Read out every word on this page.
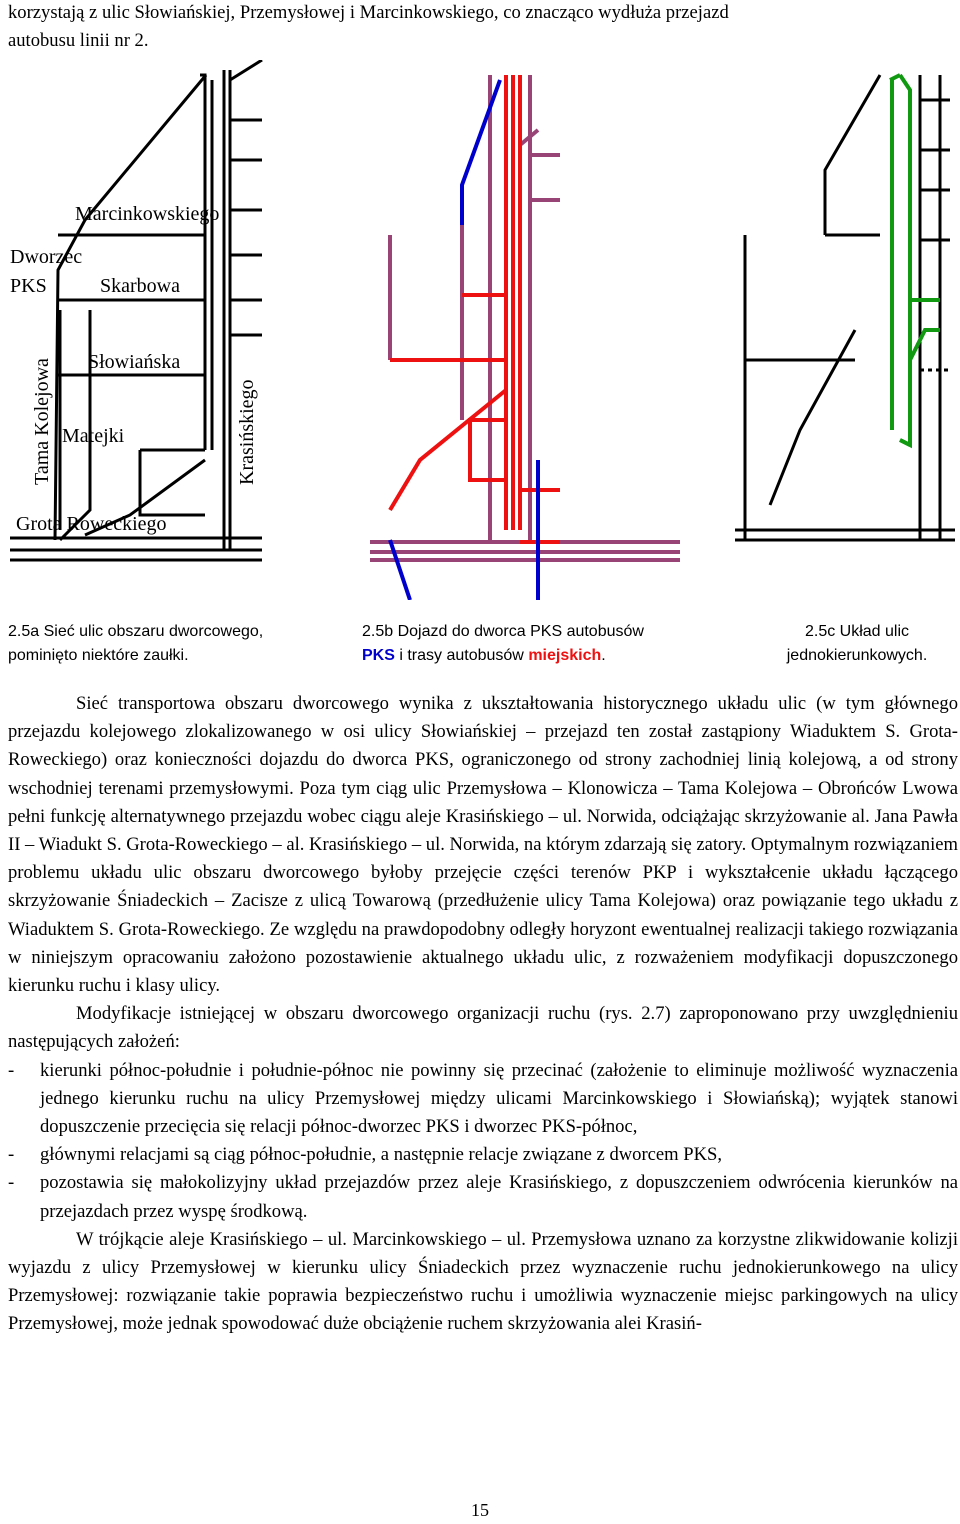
korzystają z ulic Słowiańskiej, Przemysłowej i Marcinkowskiego, co znacząco wydłuża przejazd
autobusu linii nr 2.
Marcinkowskiego
Dworzec
PKS	Skarbowa
Słowiańska
Matejki
Grota Roweckiego
Tama Kolejowa	Krasińskiego
2.5a Sieć ulic obszaru dworcowego,
pominięto niektóre zaułki.
2.5b Dojazd do dworca PKS autobusów
PKS i trasy autobusów miejskich.
2.5c Układ ulic
jednokierunkowych.

Sieć transportowa obszaru dworcowego wynika z ukształtowania historycznego układu ulic (w tym głównego przejazdu kolejowego zlokalizowanego w osi ulicy Słowiańskiej – przejazd ten został zastąpiony Wiaduktem S. Grota-Roweckiego) oraz konieczności dojazdu do dworca PKS, ograniczonego od strony zachodniej linią kolejową, a od strony wschodniej terenami przemysłowymi. Poza tym ciąg ulic Przemysłowa – Klonowicza – Tama Kolejowa – Obrońców Lwowa pełni funkcję alternatywnego przejazdu wobec ciągu aleje Krasińskiego – ul. Norwida, odciążając skrzyżowanie al. Jana Pawła II – Wiadukt S. Grota-Roweckiego – al. Krasińskiego – ul. Norwida, na którym zdarzają się zatory. Optymalnym rozwiązaniem problemu układu ulic obszaru dworcowego byłoby przejęcie części terenów PKP i wykształcenie układu łączącego skrzyżowanie Śniadeckich – Zacisze z ulicą Towarową (przedłużenie ulicy Tama Kolejowa) oraz powiązanie tego układu z Wiaduktem S. Grota-Roweckiego. Ze względu na prawdopodobny odległy horyzont ewentualnej realizacji takiego rozwiązania w niniejszym opracowaniu założono pozostawienie aktualnego układu ulic, z rozważeniem modyfikacji dopuszczonego kierunku ruchu i klasy ulicy.

Modyfikacje istniejącej w obszaru dworcowego organizacji ruchu (rys. 2.7) zaproponowano przy uwzględnieniu następujących założeń:

- kierunki północ-południe i południe-północ nie powinny się przecinać (założenie to eliminuje możliwość wyznaczenia jednego kierunku ruchu na ulicy Przemysłowej między ulicami Marcinkowskiego i Słowiańską); wyjątek stanowi dopuszczenie przecięcia się relacji północ-dworzec PKS i dworzec PKS-północ,
- głównymi relacjami są ciąg północ-południe, a następnie relacje związane z dworcem PKS,
- pozostawia się małokolizyjny układ przejazdów przez aleje Krasińskiego, z dopuszczeniem odwrócenia kierunków na przejazdach przez wyspę środkową.

W trójkącie aleje Krasińskiego – ul. Marcinkowskiego – ul. Przemysłowa uznano za korzystne zlikwidowanie kolizji wyjazdu z ulicy Przemysłowej w kierunku ulicy Śniadeckich przez wyznaczenie ruchu jednokierunkowego na ulicy Przemysłowej: rozwiązanie takie poprawia bezpieczeństwo ruchu i umożliwia wyznaczenie miejsc parkingowych na ulicy Przemysłowej, może jednak spowodować duże obciążenie ruchem skrzyżowania alei Krasiń-

15
